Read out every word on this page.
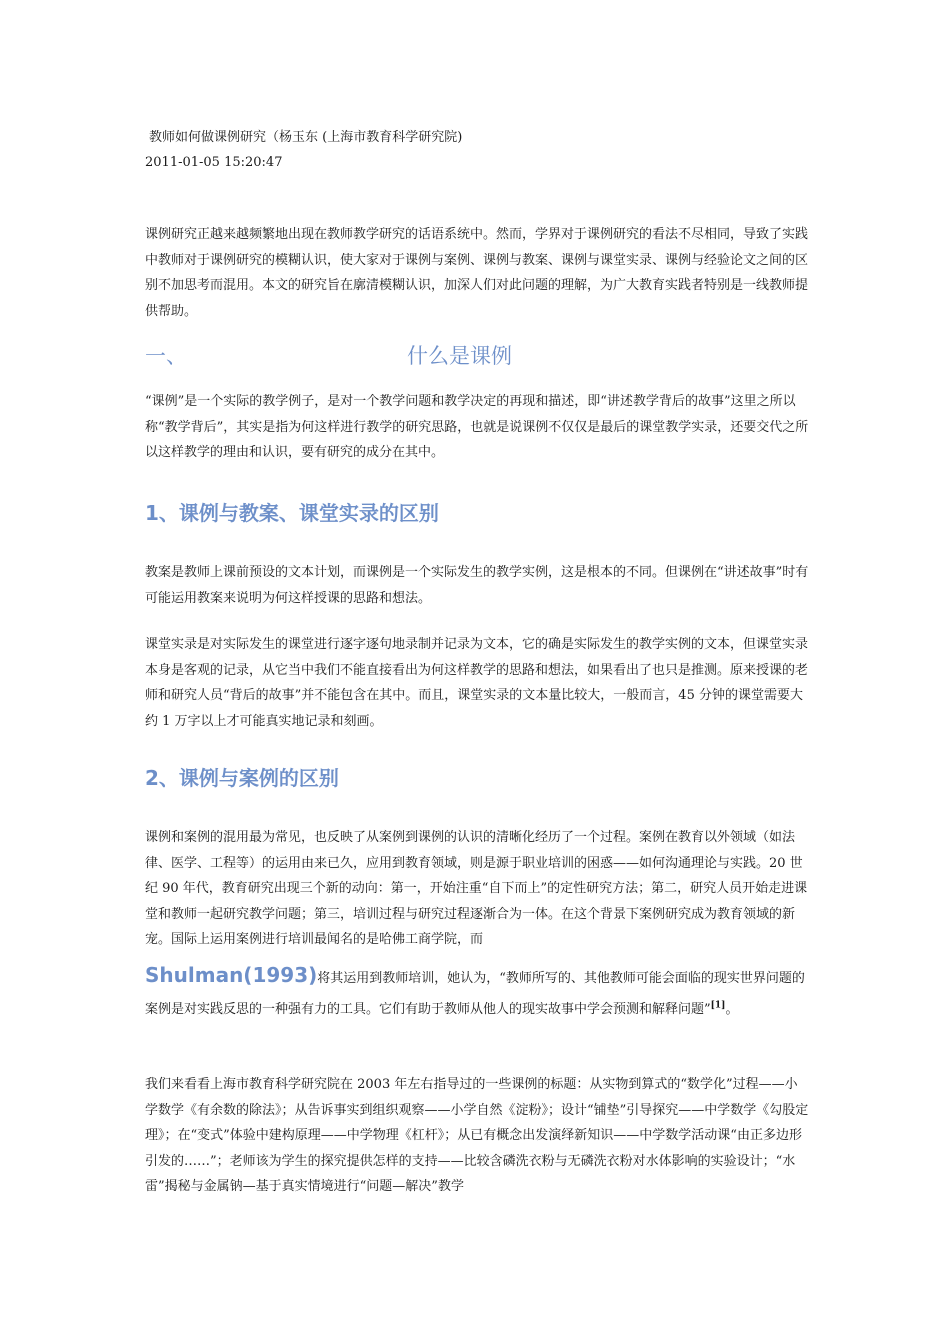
教师如何做课例研究（杨玉东 (上海市教育科学研究院)
2011-01-05 15:20:47

课例研究正越来越频繁地出现在教师教学研究的话语系统中。然而，学界对于课例研究的看法不尽相同，导致了实践中教师对于课例研究的模糊认识，使大家对于课例与案例、课例与教案、课例与课堂实录、课例与经验论文之间的区别不加思考而混用。本文的研究旨在廓清模糊认识，加深人们对此问题的理解，为广大教育实践者特别是一线教师提供帮助。

一、	什么是课例

“课例”是一个实际的教学例子，是对一个教学问题和教学决定的再现和描述，即“讲述教学背后的故事”这里之所以称“教学背后”，其实是指为何这样进行教学的研究思路，也就是说课例不仅仅是最后的课堂教学实录，还要交代之所以这样教学的理由和认识，要有研究的成分在其中。

1、课例与教案、课堂实录的区别

教案是教师上课前预设的文本计划，而课例是一个实际发生的教学实例，这是根本的不同。但课例在“讲述故事”时有可能运用教案来说明为何这样授课的思路和想法。

课堂实录是对实际发生的课堂进行逐字逐句地录制并记录为文本，它的确是实际发生的教学实例的文本，但课堂实录本身是客观的记录，从它当中我们不能直接看出为何这样教学的思路和想法，如果看出了也只是推测。原来授课的老师和研究人员“背后的故事”并不能包含在其中。而且，课堂实录的文本量比较大，一般而言，45 分钟的课堂需要大约 1 万字以上才可能真实地记录和刻画。

2、课例与案例的区别

课例和案例的混用最为常见，也反映了从案例到课例的认识的清晰化经历了一个过程。案例在教育以外领域（如法律、医学、工程等）的运用由来已久，应用到教育领域，则是源于职业培训的困惑——如何沟通理论与实践。20 世纪 90 年代，教育研究出现三个新的动向：第一，开始注重“自下而上”的定性研究方法；第二，研究人员开始走进课堂和教师一起研究教学问题；第三，培训过程与研究过程逐渐合为一体。在这个背景下案例研究成为教育领域的新宠。国际上运用案例进行培训最闻名的是哈佛工商学院，而
Shulman(1993)将其运用到教师培训，她认为，“教师所写的、其他教师可能会面临的现实世界问题的案例是对实践反思的一种强有力的工具。它们有助于教师从他人的现实故事中学会预测和解释问题”[1]。

我们来看看上海市教育科学研究院在 2003 年左右指导过的一些课例的标题：从实物到算式的“数学化”过程——小学数学《有余数的除法》；从告诉事实到组织观察——小学自然《淀粉》；设计“铺垫”引导探究——中学数学《勾股定理》；在“变式”体验中建构原理——中学物理《杠杆》；从已有概念出发演绎新知识——中学数学活动课“由正多边形引发的……”；老师该为学生的探究提供怎样的支持——比较含磷洗衣粉与无磷洗衣粉对水体影响的实验设计；“水雷”揭秘与金属钠—基于真实情境进行“问题—解决”教学
